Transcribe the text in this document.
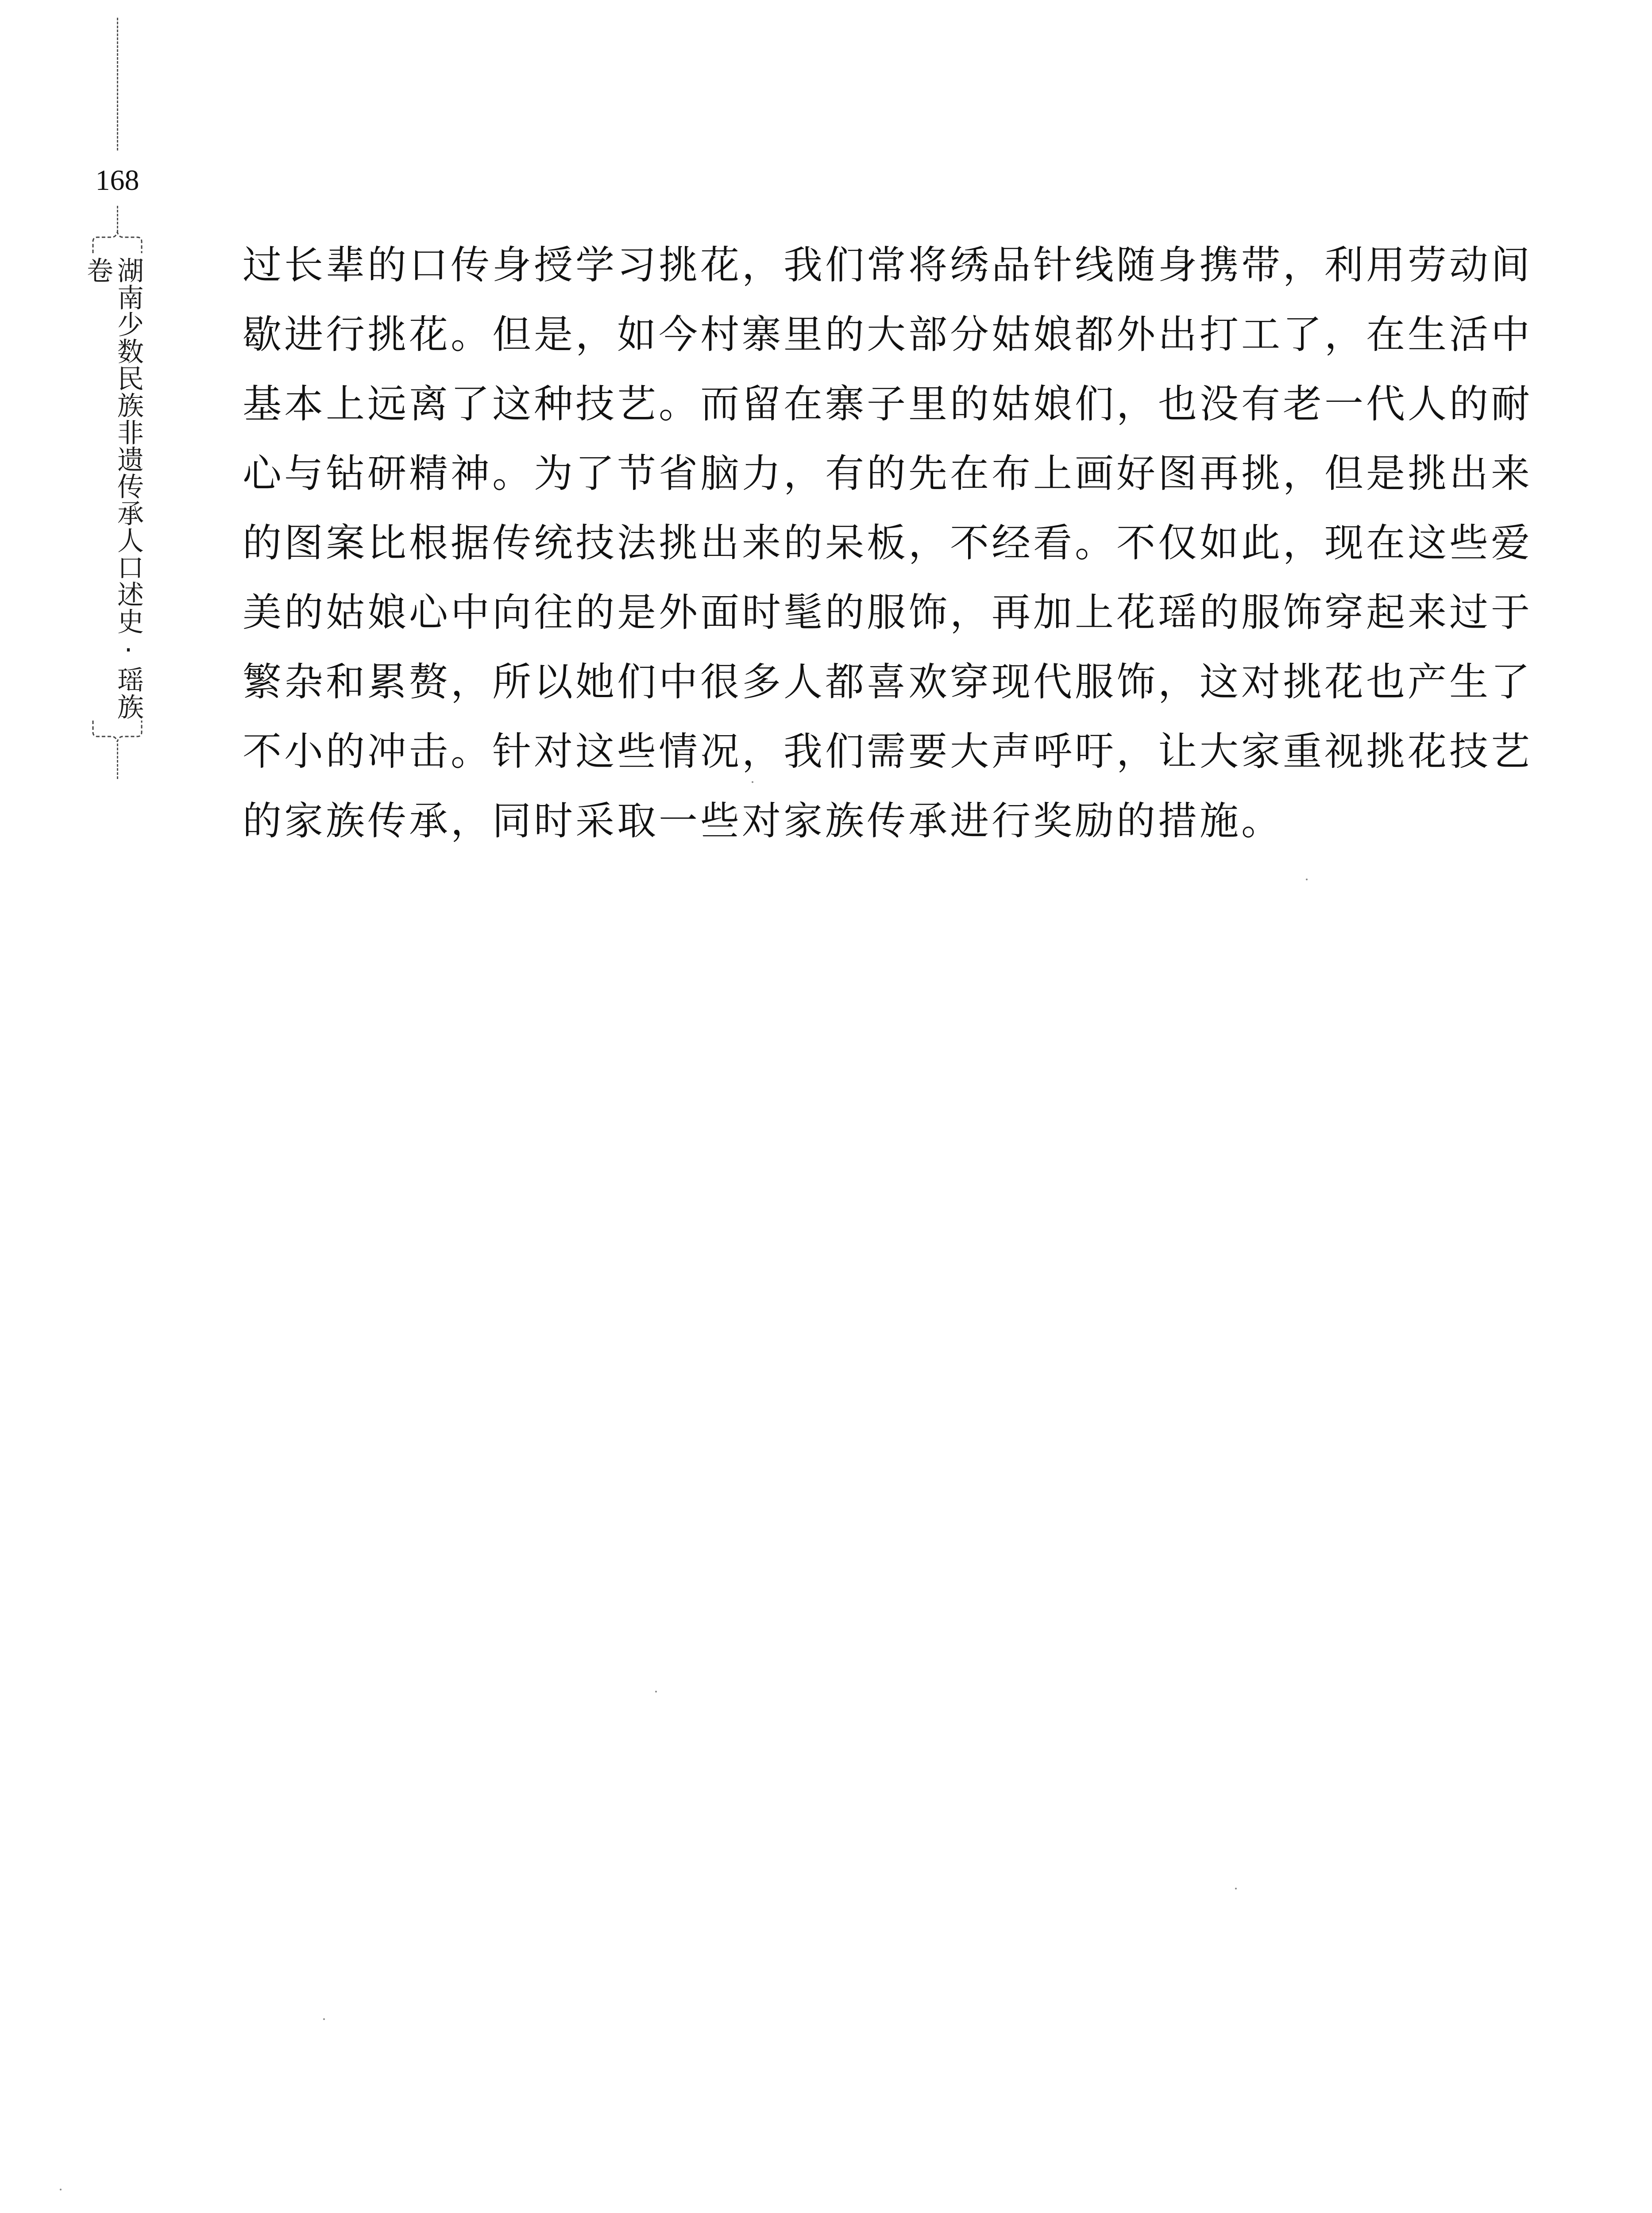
168
湖南少数民族非遗传承人口述史·瑶族卷	过长辈的口传身授学习挑花，我们常将绣品针线随身携带，利用劳动间
歇进行挑花。但是，如今村寨里的大部分姑娘都外出打工了，在生活中
基本上远离了这种技艺。而留在寨子里的姑娘们，也没有老一代人的耐
心与钻研精神。为了节省脑力，有的先在布上画好图再挑，但是挑出来
的图案比根据传统技法挑出来的呆板，不经看。不仅如此，现在这些爱
美的姑娘心中向往的是外面时髦的服饰，再加上花瑶的服饰穿起来过于
繁杂和累赘，所以她们中很多人都喜欢穿现代服饰，这对挑花也产生了
不小的冲击。针对这些情况，我们需要大声呼吁，让大家重视挑花技艺
的家族传承，同时采取一些对家族传承进行奖励的措施。
